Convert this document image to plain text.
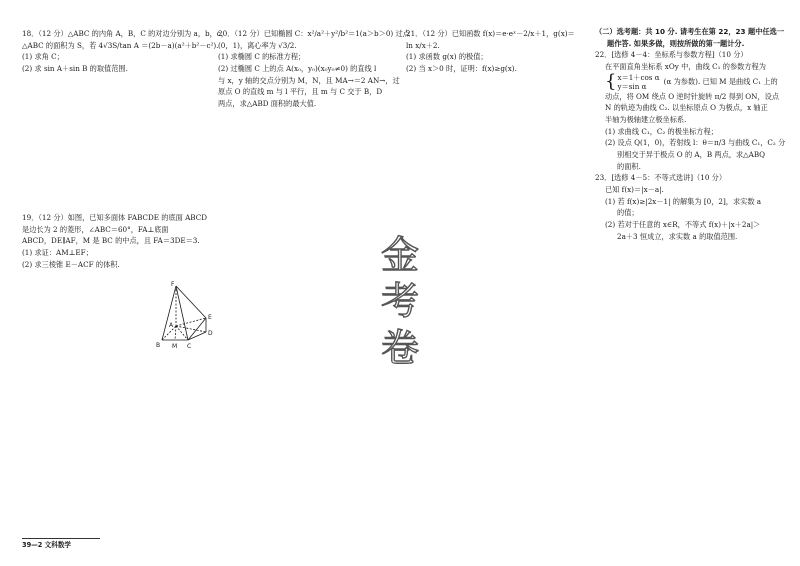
18．（12 分）△ABC 的内角 A，B，C 的对边分别为 a，b，c，

△ABC 的面积为 S，若 4√3S/tan A ＝(2b－a)(a²＋b²－c²).

(1) 求角 C；

(2) 求 sin A＋sin B 的取值范围.

19．（12 分）如图，已知多面体 FABCDE 的底面 ABCD

是边长为 2 的菱形，∠ABC＝60°，FA⊥底面

ABCD，DE∥AF，M 是 BC 的中点，且 FA＝3DE＝3.

(1) 求证：AM⊥EF；

(2) 求三棱锥 E－ACF 的体积.

F
E
A
D
B M C

20．（12 分）已知椭圆 C：x²/a²＋y²/b²＝1(a＞b＞0) 过点

(0，1)，离心率为 √3/2.

(1) 求椭圆 C 的标准方程；

(2) 过椭圆 C 上的点 A(x₀，y₀)(x₀y₀≠0) 的直线 l

与 x，y 轴的交点分别为 M，N，且 MA→＝2 AN→，过

原点 O 的直线 m 与 l 平行，且 m 与 C 交于 B，D

两点，求△ABD 面积的最大值.

21．（12 分）已知函数 f(x)＝e·eˣ－2/x＋1，g(x)＝

ln x/x＋2.

(1) 求函数 g(x) 的极值；

(2) 当 x＞0 时，证明：f(x)≥g(x).

金
考
卷

（二）选考题：共 10 分. 请考生在第 22，23 题中任选一

题作答. 如果多做，则按所做的第一题计分.

22．[选修 4－4：坐标系与参数方程]（10 分）

在平面直角坐标系 xOy 中，曲线 C₁ 的参数方程为

{ x＝1＋cos α

y＝sin α

(α 为参数). 已知 M 是曲线 C₁ 上的

动点，将 OM 绕点 O 逆时针旋转 π/2 得到 ON，设点

N 的轨迹为曲线 C₂. 以坐标原点 O 为极点，x 轴正

半轴为极轴建立极坐标系.

(1) 求曲线 C₁，C₂ 的极坐标方程；

(2) 设点 Q(1，0)，若射线 l：θ＝π/3 与曲线 C₁，C₂ 分

别相交于异于极点 O 的 A，B 两点，求△ABQ

的面积.

23．[选修 4－5：不等式选讲]（10 分）

已知 f(x)＝|x－a|.

(1) 若 f(x)≥|2x－1| 的解集为 [0，2]，求实数 a

的值；

(2) 若对于任意的 x∈R，不等式 f(x)＋|x＋2a|＞

2a＋3 恒成立，求实数 a 的取值范围.

39—2 文科数学
